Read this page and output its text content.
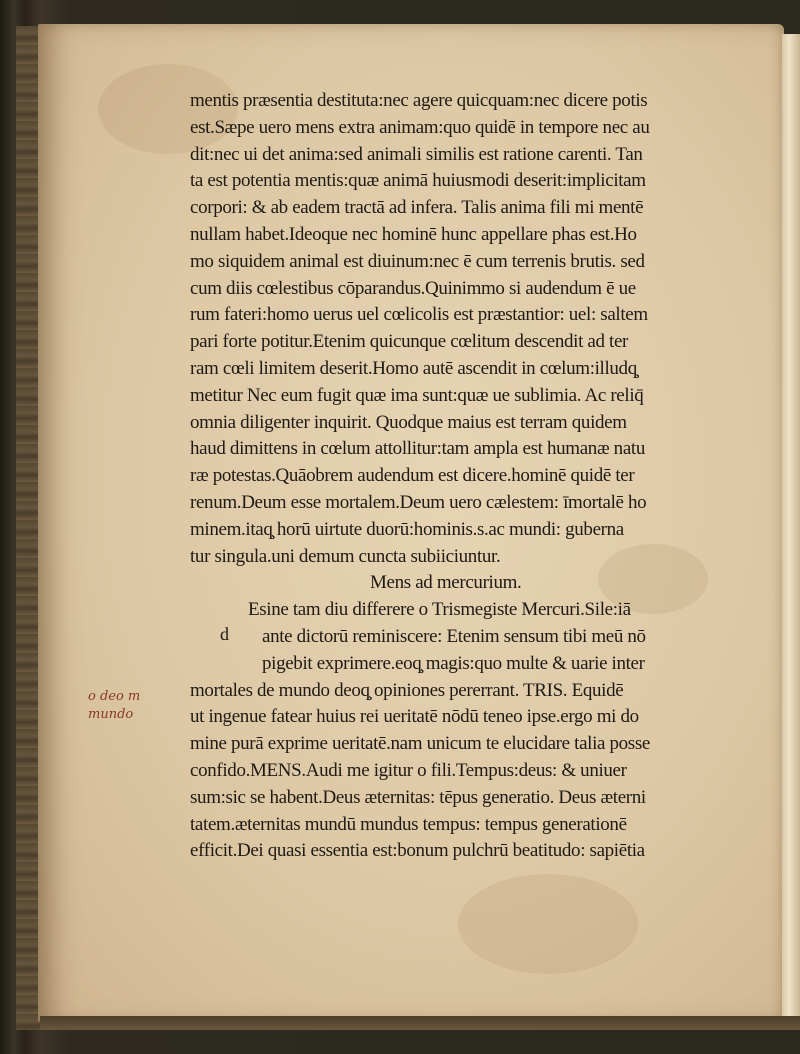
mentis præsentia destituta:nec agere quicquam:nec dicere potis
est.Sæpe uero mens extra animam:quo quidē in tempore nec au
dit:nec ui det anima:sed animali similis est ratione carenti. Tan
ta est potentia mentis:quæ animā huiusmodi deserit:implicitam
corpori: & ab eadem tractā ad infera. Talis anima fili mi mentē
nullam habet.Ideoque nec hominē hunc appellare phas est.Ho
mo siquidem animal est diuinum:nec ē cum terrenis brutis. sed
cum diis cœlestibus cōparandus.Quinimmo si audendum ē ue
rum fateri:homo uerus uel cœlicolis est præstantior: uel: saltem
pari forte potitur.Etenim quicunque cœlitum descendit ad ter
ram cœli limitem deserit.Homo autē ascendit in cœlum:illudq̧
metitur Nec eum fugit quæ ima sunt:quæ ue sublimia. Ac reliq̄
omnia diligenter inquirit. Quodque maius est terram quidem
haud dimittens in cœlum attollitur:tam ampla est humanæ natu
ræ potestas.Quāobrem audendum est dicere.hominē quidē ter
renum.Deum esse mortalem.Deum uero cælestem: īmortalē ho
minem.itaq̧ horū uirtute duorū:hominis.s.ac mundi: guberna
tur singula.uni demum cuncta subiiciuntur.
Mens ad mercurium.
Esine tam diu differere o Trismegiste Mercuri.Sile:iā
ante dictorū reminiscere: Etenim sensum tibi meū nō
pigebit exprimere.eoq̧ magis:quo multe & uarie inter
mortales de mundo deoq̧ opiniones pererrant. TRIS. Equidē
ut ingenue fatear huius rei ueritatē nōdū teneo ipse.ergo mi do
mine purā exprime ueritatē.nam unicum te elucidare talia posse
confido.MENS.Audi me igitur o fili.Tempus:deus: & uniuer
sum:sic se habent.Deus æternitas: tēpus generatio. Deus æterni
tatem.æternitas mundū mundus tempus: tempus generationē
efficit.Dei quasi essentia est:bonum pulchrū beatitudo: sapiētia
d
o deo m mundo
